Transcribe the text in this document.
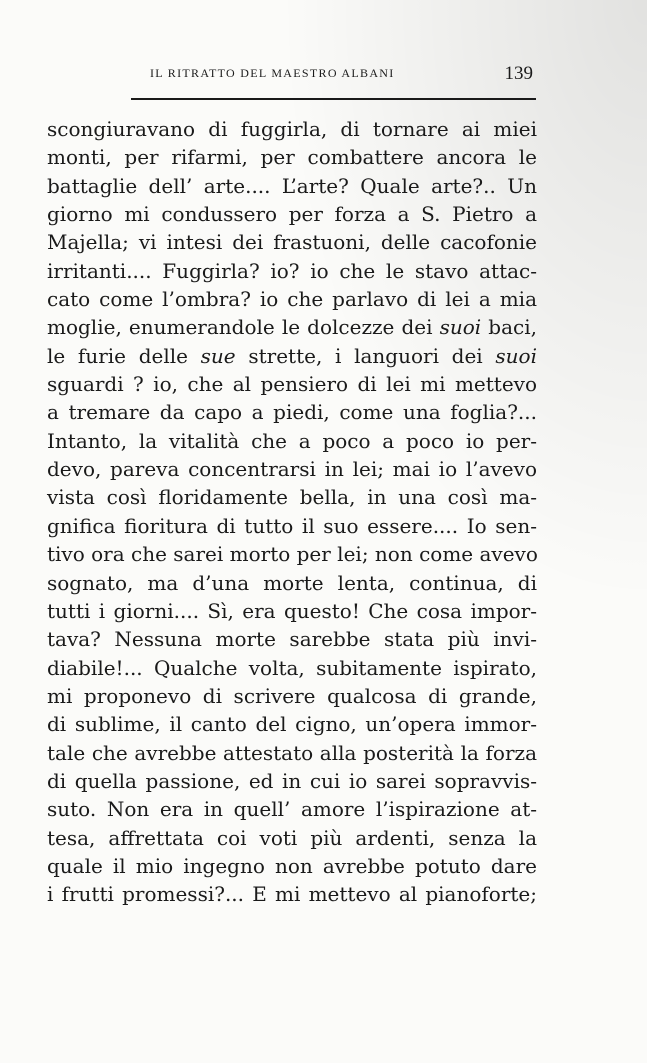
IL RITRATTO DEL MAESTRO ALBANI	139
scongiuravano di fuggirla, di tornare ai miei
monti, per rifarmi, per combattere ancora le
battaglie dell’ arte.... L’arte? Quale arte?.. Un
giorno mi condussero per forza a S. Pietro a
Majella; vi intesi dei frastuoni, delle cacofonie
irritanti.... Fuggirla? io? io che le stavo attac-
cato come l’ombra? io che parlavo di lei a mia
moglie, enumerandole le dolcezze dei suoi baci,
le furie delle sue strette, i languori dei suoi
sguardi ? io, che al pensiero di lei mi mettevo
a tremare da capo a piedi, come una foglia?...
Intanto, la vitalità che a poco a poco io per-
devo, pareva concentrarsi in lei; mai io l’avevo
vista così floridamente bella, in una così ma-
gnifica fioritura di tutto il suo essere.... Io sen-
tivo ora che sarei morto per lei; non come avevo
sognato, ma d’una morte lenta, continua, di
tutti i giorni.... Sì, era questo! Che cosa impor-
tava? Nessuna morte sarebbe stata più invi-
diabile!... Qualche volta, subitamente ispirato,
mi proponevo di scrivere qualcosa di grande,
di sublime, il canto del cigno, un’opera immor-
tale che avrebbe attestato alla posterità la forza
di quella passione, ed in cui io sarei sopravvis-
suto. Non era in quell’ amore l’ispirazione at-
tesa, affrettata coi voti più ardenti, senza la
quale il mio ingegno non avrebbe potuto dare
i frutti promessi?... E mi mettevo al pianoforte;
